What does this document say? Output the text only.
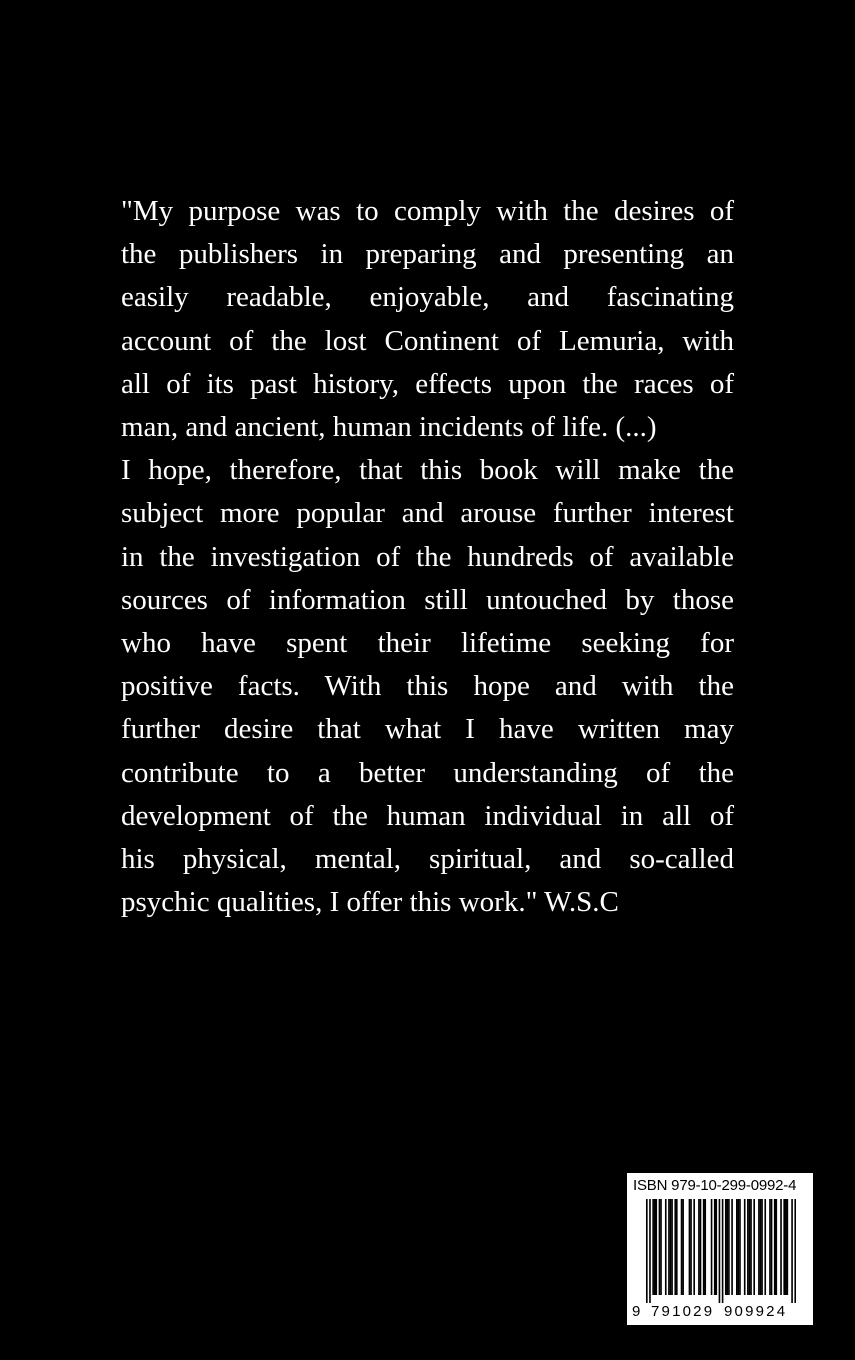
"My purpose was to comply with the desires of
the publishers in preparing and presenting an
easily readable, enjoyable, and fascinating
account of the lost Continent of Lemuria, with
all of its past history, effects upon the races of
man, and ancient, human incidents of life. (...)
I hope, therefore, that this book will make the
subject more popular and arouse further interest
in the investigation of the hundreds of available
sources of information still untouched by those
who have spent their lifetime seeking for
positive facts. With this hope and with the
further desire that what I have written may
contribute to a better understanding of the
development of the human individual in all of
his physical, mental, spiritual, and so-called
psychic qualities, I offer this work." W.S.C
ISBN 979-10-299-0992-4
9 791029 909924
